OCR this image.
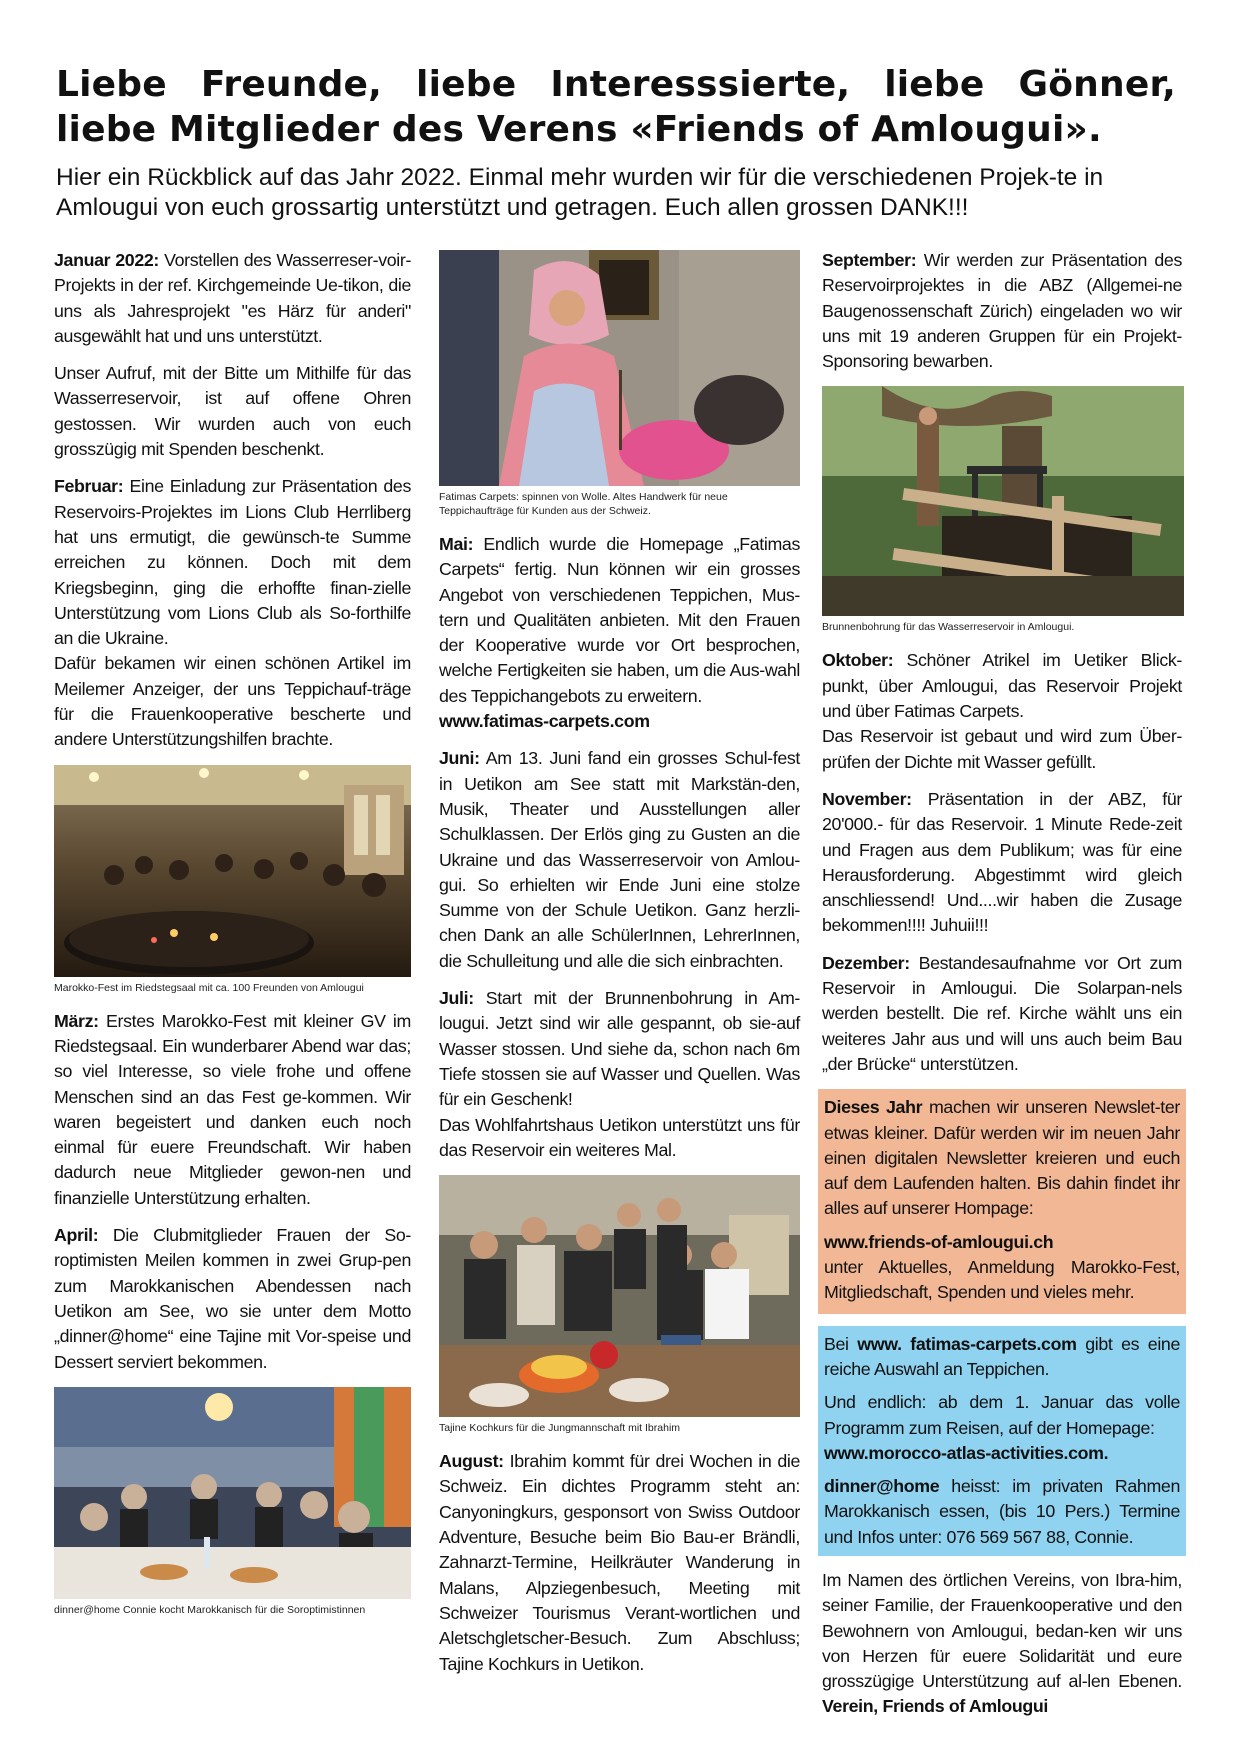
Liebe Freunde, liebe Interesssierte, liebe Gönner, liebe Mitglieder des Verens «Friends of Amlougui».

Hier ein Rückblick auf das Jahr 2022. Einmal mehr wurden wir für die verschiedenen Projek-te in Amlougui von euch grossartig unterstützt und getragen. Euch allen grossen DANK!!!

Januar 2022: Vorstellen des Wasserreser-voir-Projekts in der ref. Kirchgemeinde Ue-tikon, die uns als Jahresprojekt "es Härz für anderi" ausgewählt hat und uns unterstützt.

Unser Aufruf, mit der Bitte um Mithilfe für das Wasserreservoir, ist auf offene Ohren gestossen. Wir wurden auch von euch grosszügig mit Spenden beschenkt.

Februar: Eine Einladung zur Präsentation des Reservoirs-Projektes im Lions Club Herrliberg hat uns ermutigt, die gewünsch-te Summe erreichen zu können. Doch mit dem Kriegsbeginn, ging die erhoffte finan-zielle Unterstützung vom Lions Club als So-forthilfe an die Ukraine.

Dafür bekamen wir einen schönen Artikel im Meilemer Anzeiger, der uns Teppichauf-träge für die Frauenkooperative bescherte und andere Unterstützungshilfen brachte.

Marokko-Fest im Riedstegsaal mit ca. 100 Freunden von Amlougui

März: Erstes Marokko-Fest mit kleiner GV im Riedstegsaal. Ein wunderbarer Abend war das; so viel Interesse, so viele frohe und offene Menschen sind an das Fest ge-kommen. Wir waren begeistert und danken euch noch einmal für euere Freundschaft. Wir haben dadurch neue Mitglieder gewon-nen und finanzielle Unterstützung erhalten.

April: Die Clubmitglieder Frauen der So-roptimisten Meilen kommen in zwei Grup-pen zum Marokkanischen Abendessen nach Uetikon am See, wo sie unter dem Motto „dinner@home“ eine Tajine mit Vor-speise und Dessert serviert bekommen.

dinner@home Connie kocht Marokkanisch für die Soroptimistinnen

Fatimas Carpets: spinnen von Wolle. Altes Handwerk für neue Teppichaufträge für Kunden aus der Schweiz.

Mai: Endlich wurde die Homepage „Fatimas Carpets“ fertig. Nun können wir ein grosses Angebot von verschiedenen Teppichen, Mus-tern und Qualitäten anbieten. Mit den Frauen der Kooperative wurde vor Ort besprochen, welche Fertigkeiten sie haben, um die Aus-wahl des Teppichangebots zu erweitern.

www.fatimas-carpets.com

Juni: Am 13. Juni fand ein grosses Schul-fest in Uetikon am See statt mit Markstän-den, Musik, Theater und Ausstellungen aller Schulklassen. Der Erlös ging zu Gusten an die Ukraine und das Wasserreservoir von Amlou-gui. So erhielten wir Ende Juni eine stolze Summe von der Schule Uetikon. Ganz herzli-chen Dank an alle SchülerInnen, LehrerInnen, die Schulleitung und alle die sich einbrachten.

Juli: Start mit der Brunnenbohrung in Am-lougui. Jetzt sind wir alle gespannt, ob sie-auf Wasser stossen. Und siehe da, schon nach 6m Tiefe stossen sie auf Wasser und Quellen. Was für ein Geschenk!

Das Wohlfahrtshaus Uetikon unterstützt uns für das Reservoir ein weiteres Mal.

Tajine Kochkurs für die Jungmannschaft mit Ibrahim

August: Ibrahim kommt für drei Wochen in die Schweiz. Ein dichtes Programm steht an: Canyoningkurs, gesponsort von Swiss Outdoor Adventure, Besuche beim Bio Bau-er Brändli, Zahnarzt-Termine, Heilkräuter Wanderung in Malans, Alpziegenbesuch, Meeting mit Schweizer Tourismus Verant-wortlichen und Aletschgletscher-Besuch. Zum Abschluss; Tajine Kochkurs in Uetikon.

September: Wir werden zur Präsentation des Reservoirprojektes in die ABZ (Allgemei-ne Baugenossenschaft Zürich) eingeladen wo wir uns mit 19 anderen Gruppen für ein Projekt-Sponsoring bewarben.

Brunnenbohrung für das Wasserreservoir in Amlougui.

Oktober: Schöner Atrikel im Uetiker Blick-punkt, über Amlougui, das Reservoir Projekt und über Fatimas Carpets.

Das Reservoir ist gebaut und wird zum Über-prüfen der Dichte mit Wasser gefüllt.

November: Präsentation in der ABZ, für 20'000.- für das Reservoir. 1 Minute Rede-zeit und Fragen aus dem Publikum; was für eine Herausforderung. Abgestimmt wird gleich anschliessend! Und....wir haben die Zusage bekommen!!!! Juhuii!!!

Dezember: Bestandesaufnahme vor Ort zum Reservoir in Amlougui. Die Solarpan-nels werden bestellt. Die ref. Kirche wählt uns ein weiteres Jahr aus und will uns auch beim Bau „der Brücke“ unterstützen.

Dieses Jahr machen wir unseren Newslet-ter etwas kleiner. Dafür werden wir im neuen Jahr einen digitalen Newsletter kreieren und euch auf dem Laufenden halten. Bis dahin findet ihr alles auf unserer Hompage:

www.friends-of-amlougui.ch

unter Aktuelles, Anmeldung Marokko-Fest, Mitgliedschaft, Spenden und vieles mehr.

Bei www. fatimas-carpets.com gibt es eine reiche Auswahl an Teppichen.

Und endlich: ab dem 1. Januar das volle Programm zum Reisen, auf der Homepage:

www.morocco-atlas-activities.com.

dinner@home heisst: im privaten Rahmen Marokkanisch essen, (bis 10 Pers.) Termine und Infos unter: 076 569 567 88, Connie.

Im Namen des örtlichen Vereins, von Ibra-him, seiner Familie, der Frauenkooperative und den Bewohnern von Amlougui, bedan-ken wir uns von Herzen für euere Solidarität und eure grosszügige Unterstützung auf al-len Ebenen. Verein, Friends of Amlougui
